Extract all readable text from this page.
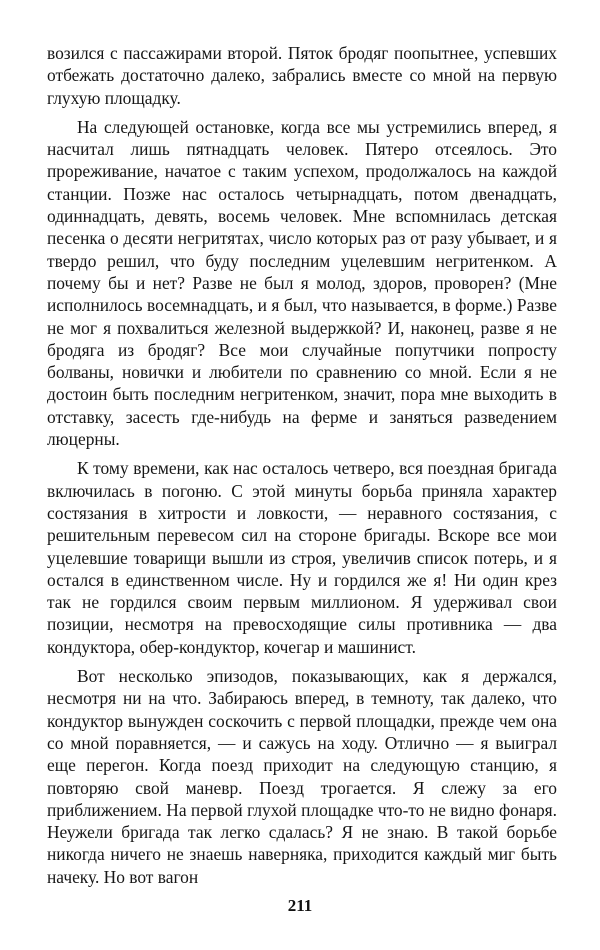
возился с пассажирами второй. Пяток бродяг поопытнее, успевших отбежать достаточно далеко, забрались вместе со мной на первую глухую площадку.

На следующей остановке, когда все мы устремились вперед, я насчитал лишь пятнадцать человек. Пятеро отсеялось. Это прореживание, начатое с таким успехом, продолжалось на каждой станции. Позже нас осталось четырнадцать, потом двенадцать, одиннадцать, девять, восемь человек. Мне вспомнилась детская песенка о десяти негритятах, число которых раз от разу убывает, и я твердо решил, что буду последним уцелевшим негритенком. А почему бы и нет? Разве не был я молод, здоров, проворен? (Мне исполнилось восемнадцать, и я был, что называется, в форме.) Разве не мог я похвалиться железной выдержкой? И, наконец, разве я не бродяга из бродяг? Все мои случайные попутчики попросту болваны, новички и любители по сравнению со мной. Если я не достоин быть последним негритенком, значит, пора мне выходить в отставку, засесть где-нибудь на ферме и заняться разведением люцерны.

К тому времени, как нас осталось четверо, вся поездная бригада включилась в погоню. С этой минуты борьба приняла характер состязания в хитрости и ловкости, — неравного состязания, с решительным перевесом сил на стороне бригады. Вскоре все мои уцелевшие товарищи вышли из строя, увеличив список потерь, и я остался в единственном числе. Ну и гордился же я! Ни один крез так не гордился своим первым миллионом. Я удерживал свои позиции, несмотря на превосходящие силы противника — два кондуктора, обер-кондуктор, кочегар и машинист.

Вот несколько эпизодов, показывающих, как я держался, несмотря ни на что. Забираюсь вперед, в темноту, так далеко, что кондуктор вынужден соскочить с первой площадки, прежде чем она со мной поравняется, — и сажусь на ходу. Отлично — я выиграл еще перегон. Когда поезд приходит на следующую станцию, я повторяю свой маневр. Поезд трогается. Я слежу за его приближением. На первой глухой площадке что-то не видно фонаря. Неужели бригада так легко сдалась? Я не знаю. В такой борьбе никогда ничего не знаешь наверняка, приходится каждый миг быть начеку. Но вот вагон

211
